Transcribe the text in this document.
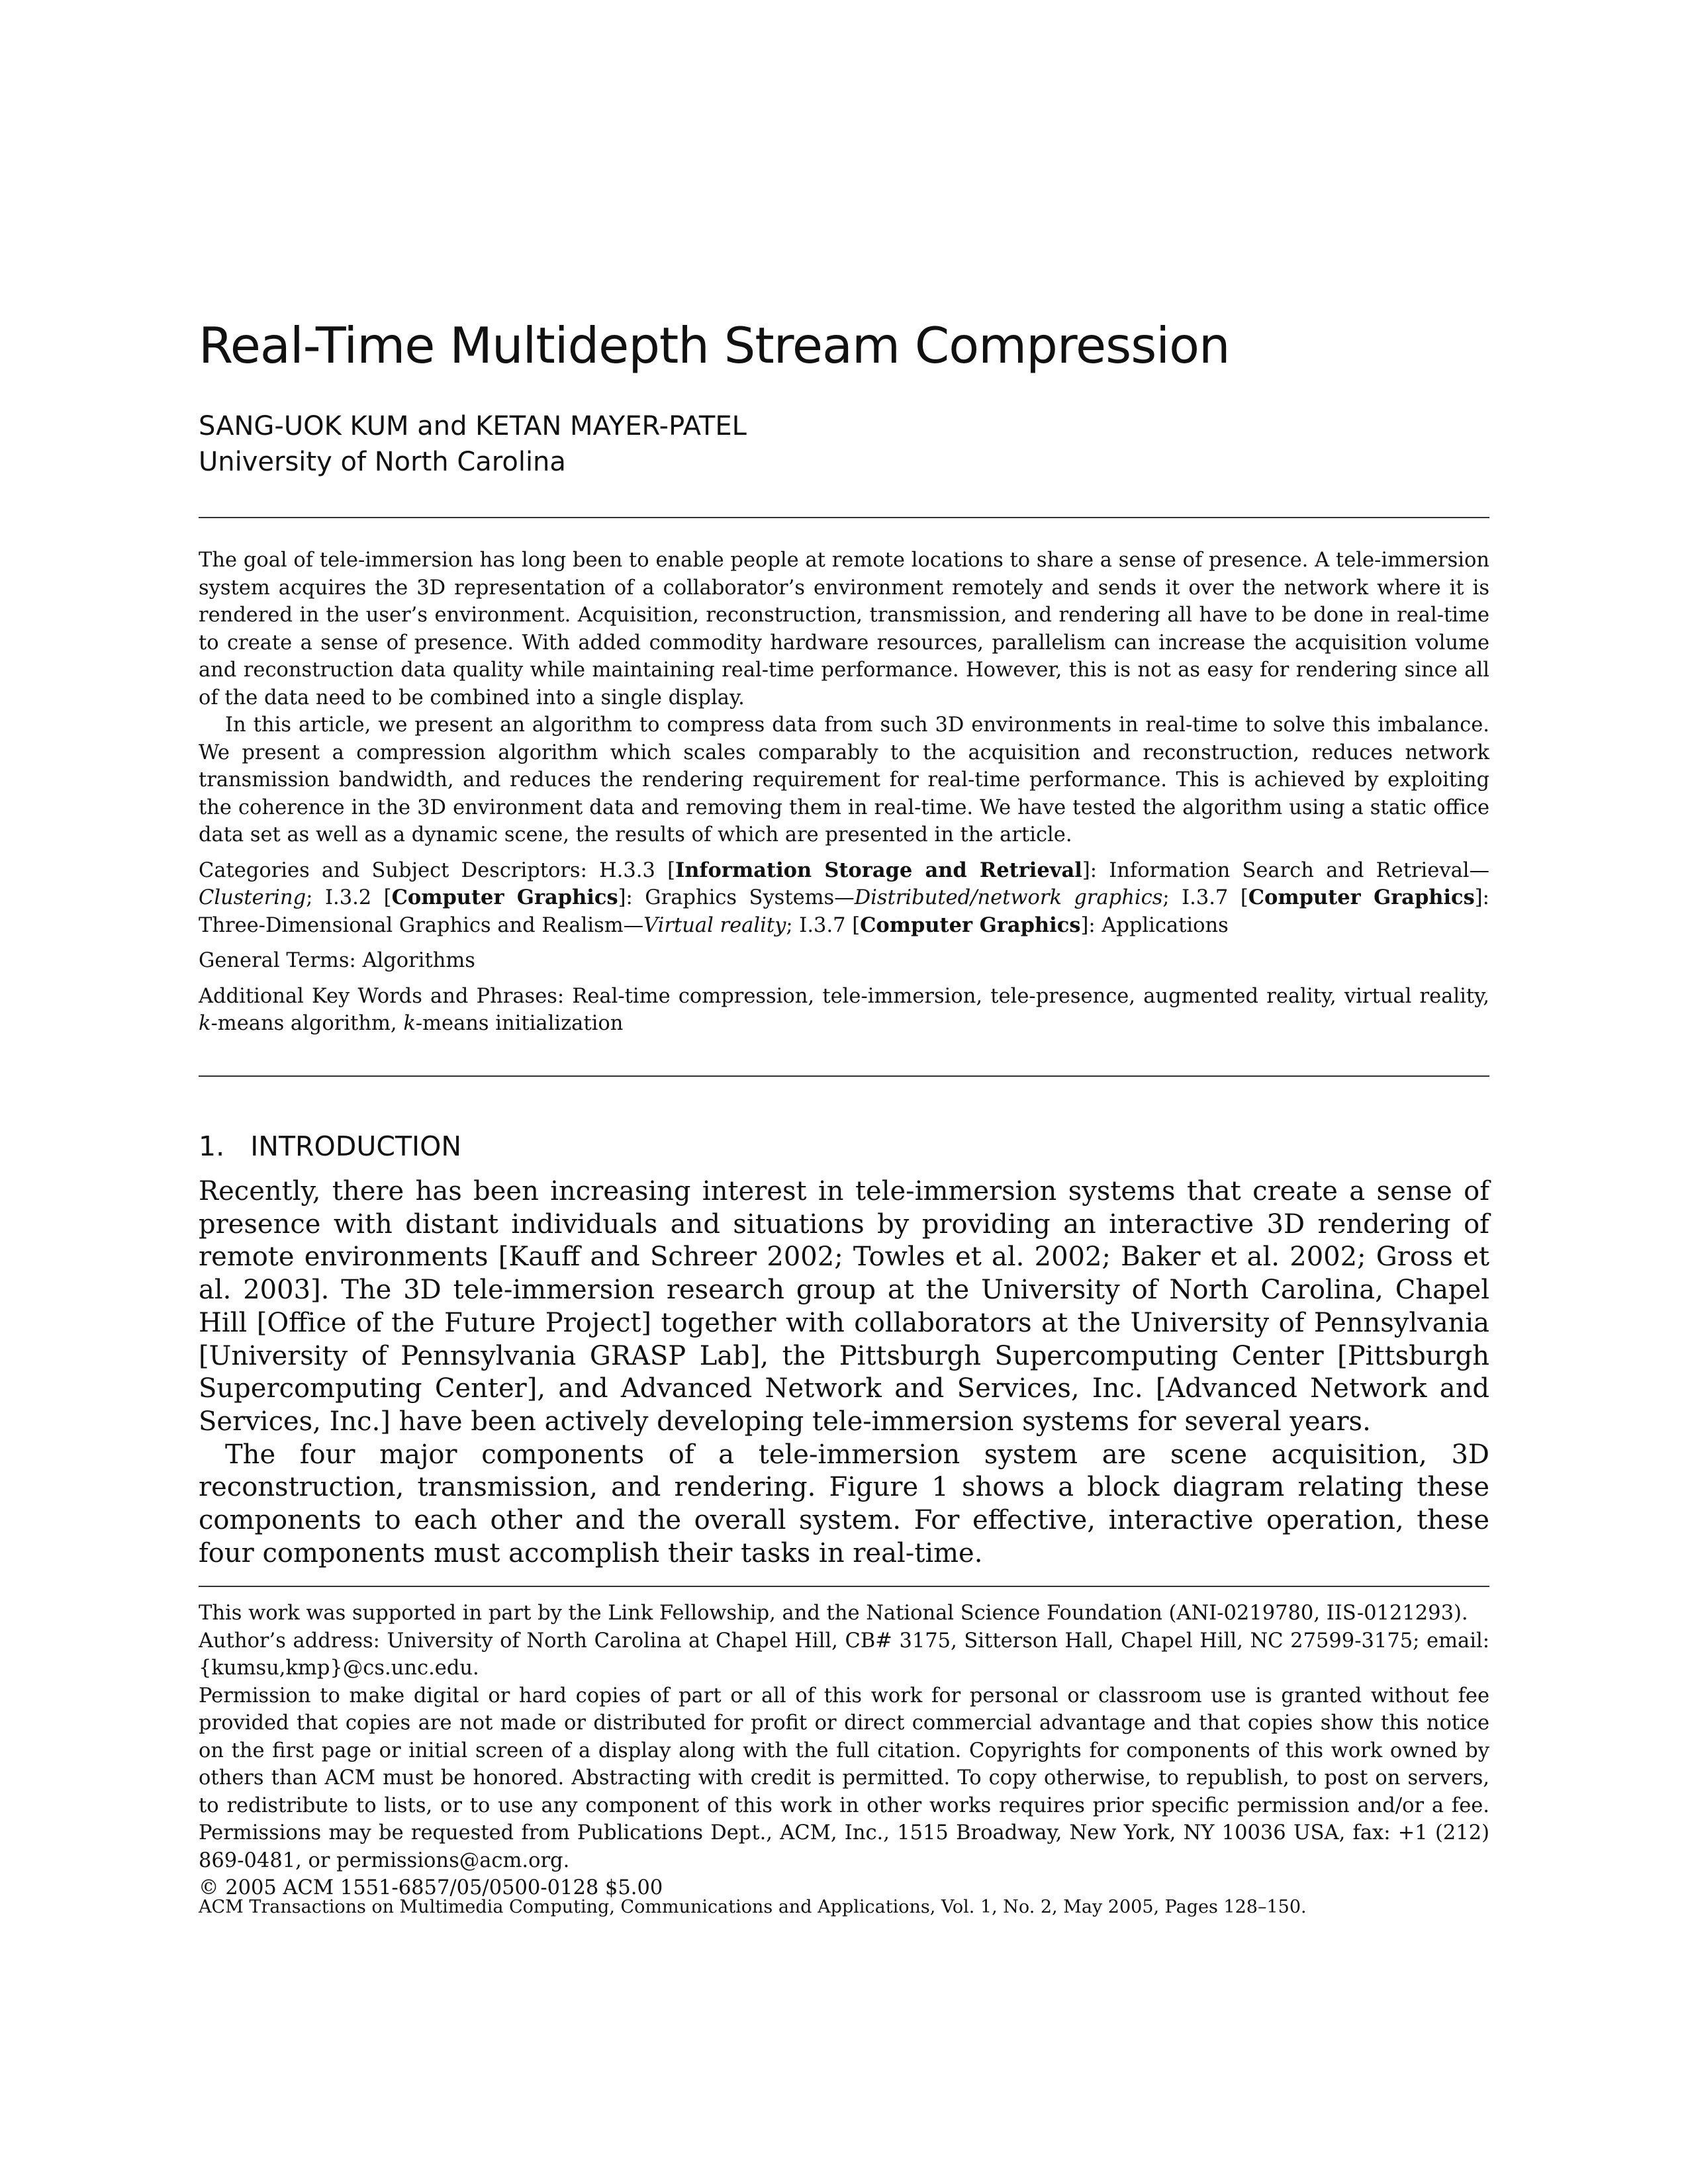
Real-Time Multidepth Stream Compression
SANG-UOK KUM and KETAN MAYER-PATEL
University of North Carolina

The goal of tele-immersion has long been to enable people at remote locations to share a sense of presence. A tele-immersion system acquires the 3D representation of a collaborator’s environment remotely and sends it over the network where it is rendered in the user’s environment. Acquisition, reconstruction, transmission, and rendering all have to be done in real-time to create a sense of presence. With added commodity hardware resources, parallelism can increase the acquisition volume and reconstruction data quality while maintaining real-time performance. However, this is not as easy for rendering since all of the data need to be combined into a single display.

In this article, we present an algorithm to compress data from such 3D environments in real-time to solve this imbalance. We present a compression algorithm which scales comparably to the acquisition and reconstruction, reduces network transmission bandwidth, and reduces the rendering requirement for real-time performance. This is achieved by exploiting the coherence in the 3D environment data and removing them in real-time. We have tested the algorithm using a static office data set as well as a dynamic scene, the results of which are presented in the article.

Categories and Subject Descriptors: H.3.3 [Information Storage and Retrieval]: Information Search and Retrieval—Clustering; I.3.2 [Computer Graphics]: Graphics Systems—Distributed/network graphics; I.3.7 [Computer Graphics]: Three-Dimensional Graphics and Realism—Virtual reality; I.3.7 [Computer Graphics]: Applications

General Terms: Algorithms

Additional Key Words and Phrases: Real-time compression, tele-immersion, tele-presence, augmented reality, virtual reality, k-means algorithm, k-means initialization

1.   INTRODUCTION

Recently, there has been increasing interest in tele-immersion systems that create a sense of presence with distant individuals and situations by providing an interactive 3D rendering of remote environments [Kauff and Schreer 2002; Towles et al. 2002; Baker et al. 2002; Gross et al. 2003]. The 3D tele-immersion research group at the University of North Carolina, Chapel Hill [Office of the Future Project] together with collaborators at the University of Pennsylvania [University of Pennsylvania GRASP Lab], the Pittsburgh Supercomputing Center [Pittsburgh Supercomputing Center], and Advanced Network and Services, Inc. [Advanced Network and Services, Inc.] have been actively developing tele-immersion systems for several years.

The four major components of a tele-immersion system are scene acquisition, 3D reconstruction, transmission, and rendering. Figure 1 shows a block diagram relating these components to each other and the overall system. For effective, interactive operation, these four components must accomplish their tasks in real-time.

This work was supported in part by the Link Fellowship, and the National Science Foundation (ANI-0219780, IIS-0121293).

Author’s address: University of North Carolina at Chapel Hill, CB# 3175, Sitterson Hall, Chapel Hill, NC 27599-3175; email: {kumsu,kmp}@cs.unc.edu.

Permission to make digital or hard copies of part or all of this work for personal or classroom use is granted without fee provided that copies are not made or distributed for profit or direct commercial advantage and that copies show this notice on the first page or initial screen of a display along with the full citation. Copyrights for components of this work owned by others than ACM must be honored. Abstracting with credit is permitted. To copy otherwise, to republish, to post on servers, to redistribute to lists, or to use any component of this work in other works requires prior specific permission and/or a fee. Permissions may be requested from Publications Dept., ACM, Inc., 1515 Broadway, New York, NY 10036 USA, fax: +1 (212) 869-0481, or permissions@acm.org.

© 2005 ACM 1551-6857/05/0500-0128 $5.00

ACM Transactions on Multimedia Computing, Communications and Applications, Vol. 1, No. 2, May 2005, Pages 128–150.
